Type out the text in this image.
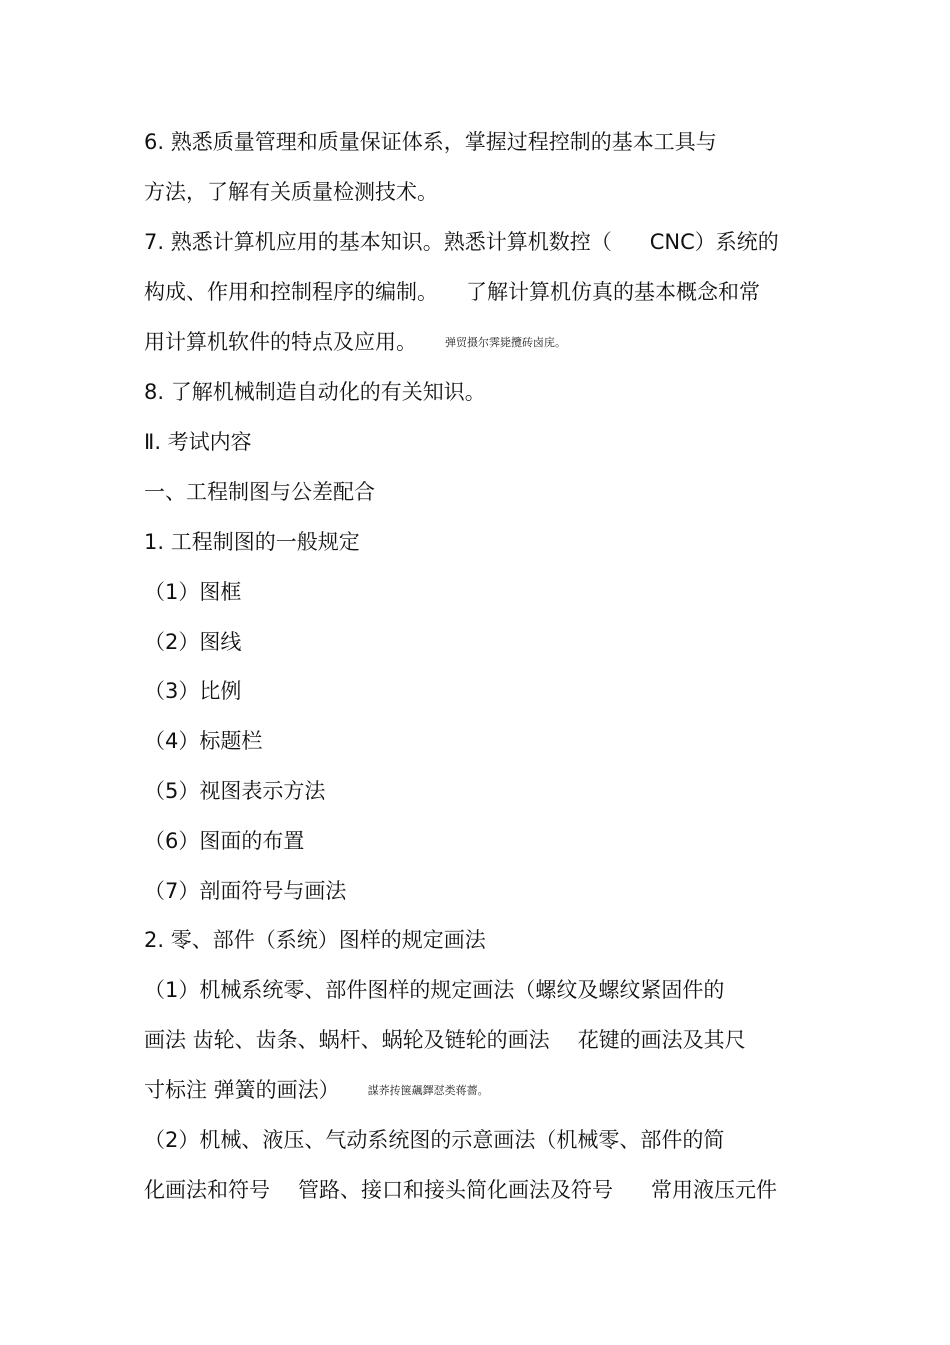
6. 熟悉质量管理和质量保证体系，掌握过程控制的基本工具与
方法，了解有关质量检测技术。
7. 熟悉计算机应用的基本知识。熟悉计算机数控（ CNC）系统的
构成、作用和控制程序的编制。 了解计算机仿真的基本概念和常
用计算机软件的特点及应用。	弹贸摄尔霁毙攬砖卤庑。
8. 了解机械制造自动化的有关知识。
Ⅱ. 考试内容
一、工程制图与公差配合
1. 工程制图的一般规定
（1）图框
（2）图线
（3）比例
（4）标题栏
（5）视图表示方法
（6）图面的布置
（7）剖面符号与画法
2. 零、部件（系统）图样的规定画法
（1）机械系统零、部件图样的规定画法（螺纹及螺纹紧固件的
画法 齿轮、齿条、蜗杆、蜗轮及链轮的画法 花键的画法及其尺
寸标注 弹簧的画法）	謀荞抟箧飆鐸怼类蒋薔。
（2）机械、液压、气动系统图的示意画法（机械零、部件的简
化画法和符号 管路、接口和接头简化画法及符号 常用液压元件
